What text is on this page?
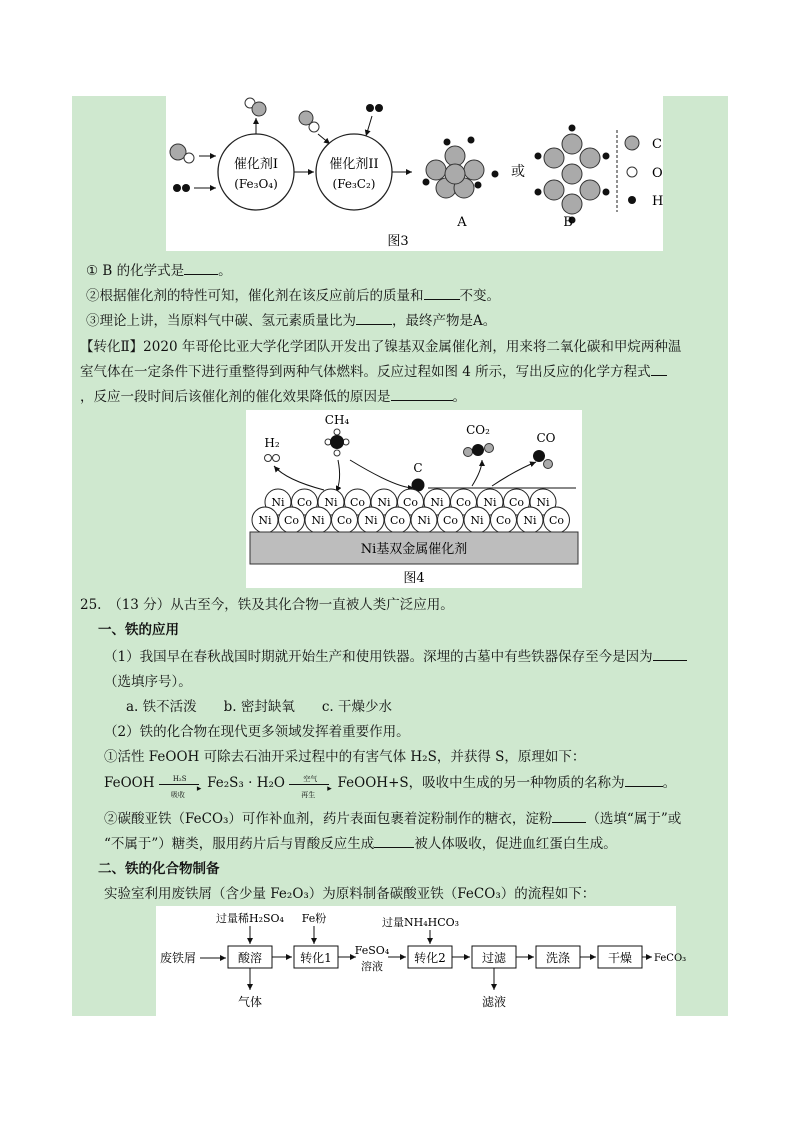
催化剂I
(Fe₃O₄)
催化剂II
(Fe₃C₂)
A
或
B
C
O
H
图3
① B 的化学式是	。
②根据催化剂的特性可知，催化剂在该反应前后的质量和	不变。
③理论上讲，当原料气中碳、氢元素质量比为	，最终产物是A。
【转化Ⅱ】2020 年哥伦比亚大学化学团队开发出了镍基双金属催化剂，用来将二氧化碳和甲烷两种温
室气体在一定条件下进行重整得到两种气体燃料。反应过程如图 4 所示，写出反应的化学方程式
，反应一段时间后该催化剂的催化效果降低的原因是	。
CH₄
H₂
C
CO₂
CO
Ni Co Ni Co Ni Co Ni Co Ni Co Ni
Ni Co Ni Co Ni Co Ni Co Ni Co Ni Co
Ni基双金属催化剂
图4
25.　（13 分）从古至今，铁及其化合物一直被人类广泛应用。
一、铁的应用
（1）我国早在春秋战国时期就开始生产和使用铁器。深埋的古墓中有些铁器保存至今是因为
（选填序号）。
a. 铁不活泼　　b. 密封缺氧　　c. 干燥少水
（2）铁的化合物在现代更多领域发挥着重要作用。
①活性 FeOOH 可除去石油开采过程中的有害气体 H₂S，并获得 S，原理如下：
FeOOH	H₂S
▸
吸收
Fe₂S₃ · H₂O	空气
▸
再生
FeOOH+S，吸收中生成的另一种物质的名称为	。
②碳酸亚铁（FeCO₃）可作补血剂，药片表面包裹着淀粉制作的糖衣，淀粉	（选填“属于”或
“不属于”）糖类，服用药片后与胃酸反应生成	被人体吸收，促进血红蛋白生成。
二、铁的化合物制备
实验室利用废铁屑（含少量 Fe₂O₃）为原料制备碳酸亚铁（FeCO₃）的流程如下：
废铁屑
过量稀H₂SO₄
酸溶
气体
Fe粉
转化1
FeSO₄
溶液
过量NH₄HCO₃
转化2	过滤
滤液
洗涤	干燥 FeCO₃
